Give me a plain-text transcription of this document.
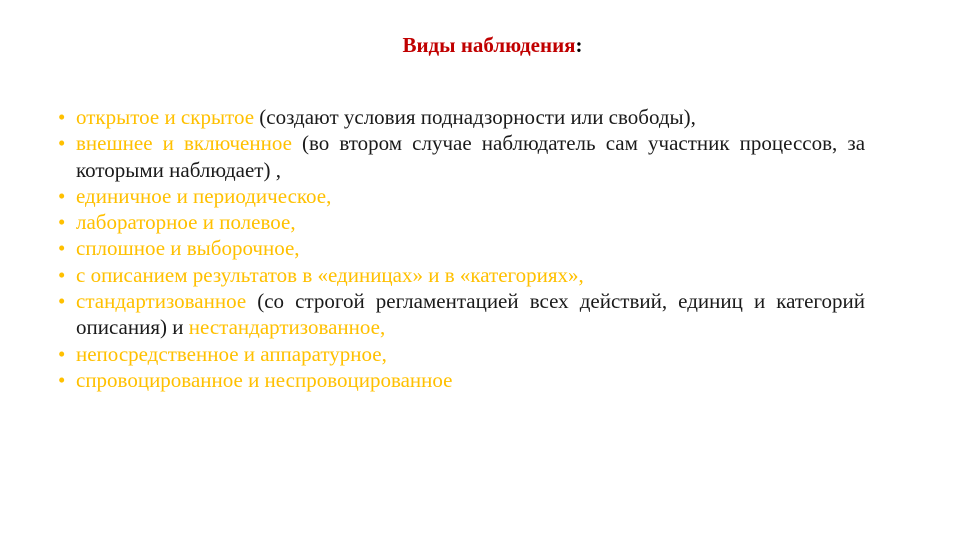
Виды наблюдения:
• открытое и скрытое (создают условия поднадзорности или свободы),
• внешнее и включенное (во втором случае наблюдатель сам участник процессов, за которыми наблюдает) ,
• единичное и периодическое,
• лабораторное и полевое,
• сплошное и выборочное,
• с описанием результатов в «единицах» и в «категориях»,
• стандартизованное (со строгой регламентацией всех действий, единиц и категорий описания) и нестандартизованное,
• непосредственное и аппаратурное,
• спровоцированное и неспровоцированное
